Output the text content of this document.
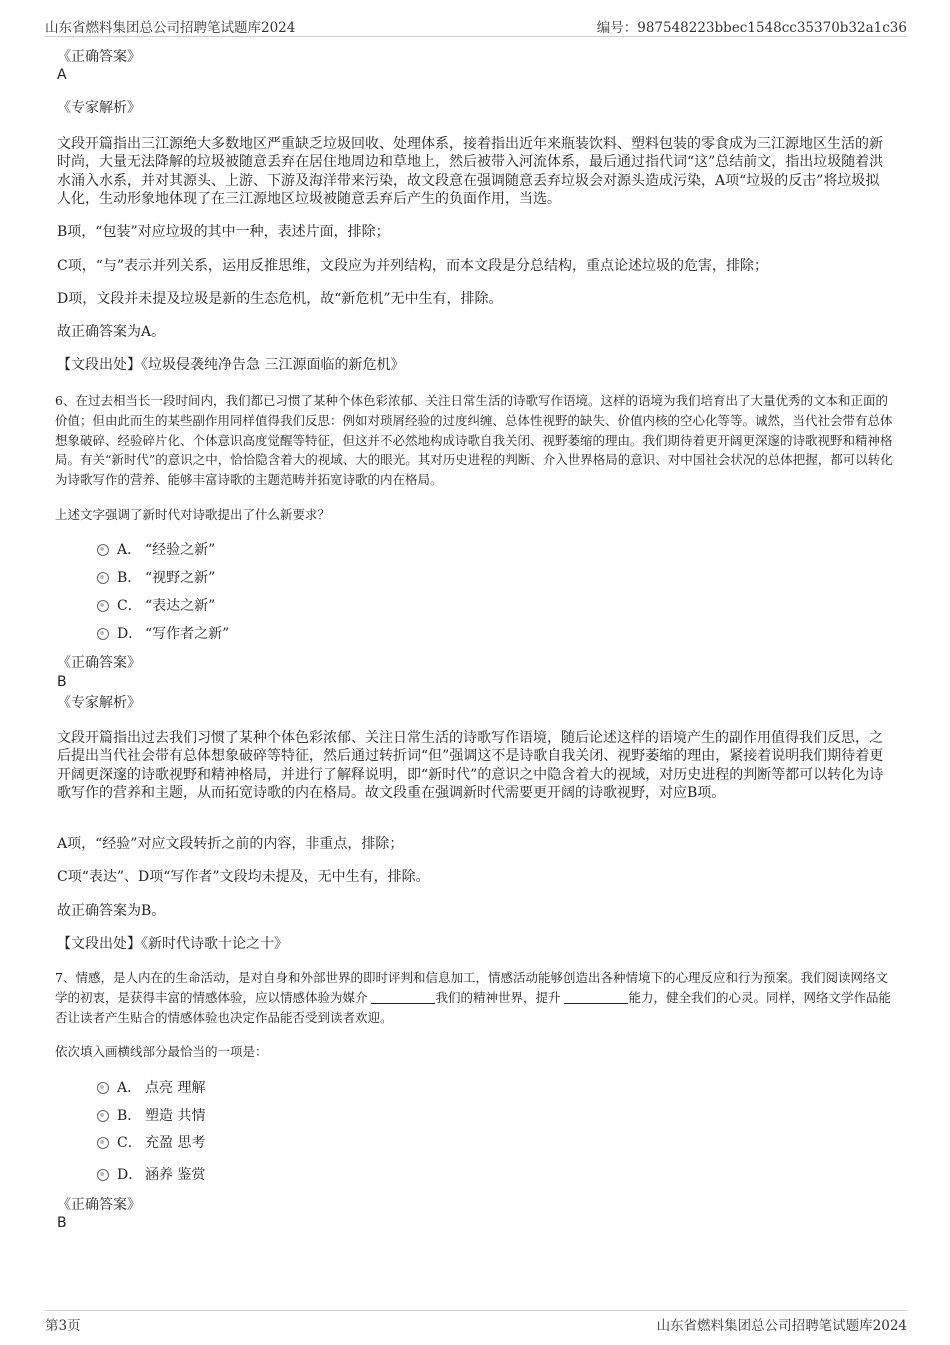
山东省燃料集团总公司招聘笔试题库2024	编号：987548223bbec1548cc35370b32a1c36
《正确答案》
A
《专家解析》
文段开篇指出三江源绝大多数地区严重缺乏垃圾回收、处理体系，接着指出近年来瓶装饮料、塑料包装的零食成为三江源地区生活的新时尚，大量无法降解的垃圾被随意丢弃在居住地周边和草地上，然后被带入河流体系，最后通过指代词“这”总结前文，指出垃圾随着洪水涌入水系，并对其源头、上游、下游及海洋带来污染，故文段意在强调随意丢弃垃圾会对源头造成污染，A项“垃圾的反击”将垃圾拟人化，生动形象地体现了在三江源地区垃圾被随意丢弃后产生的负面作用，当选。
B项，“包装”对应垃圾的其中一种，表述片面，排除；
C项，“与”表示并列关系，运用反推思维，文段应为并列结构，而本文段是分总结构，重点论述垃圾的危害，排除；
D项，文段并未提及垃圾是新的生态危机，故“新危机”无中生有，排除。
故正确答案为A。
【文段出处】《垃圾侵袭纯净告急 三江源面临的新危机》
6、在过去相当长一段时间内，我们都已习惯了某种个体色彩浓郁、关注日常生活的诗歌写作语境。这样的语境为我们培育出了大量优秀的文本和正面的价值；但由此而生的某些副作用同样值得我们反思：例如对琐屑经验的过度纠缠、总体性视野的缺失、价值内核的空心化等等。诚然，当代社会带有总体想象破碎、经验碎片化、个体意识高度觉醒等特征，但这并不必然地构成诗歌自我关闭、视野萎缩的理由。我们期待着更开阔更深邃的诗歌视野和精神格局。有关“新时代”的意识之中，恰恰隐含着大的视域、大的眼光。其对历史进程的判断、介入世界格局的意识、对中国社会状况的总体把握，都可以转化为诗歌写作的营养、能够丰富诗歌的主题范畴并拓宽诗歌的内在格局。
上述文字强调了新时代对诗歌提出了什么新要求？
A． “经验之新”
B． “视野之新”
C． “表达之新”
D． “写作者之新”
《正确答案》
B
《专家解析》
文段开篇指出过去我们习惯了某种个体色彩浓郁、关注日常生活的诗歌写作语境，随后论述这样的语境产生的副作用值得我们反思，之后提出当代社会带有总体想象破碎等特征，然后通过转折词“但”强调这不是诗歌自我关闭、视野萎缩的理由，紧接着说明我们期待着更开阔更深邃的诗歌视野和精神格局，并进行了解释说明，即“新时代”的意识之中隐含着大的视域，对历史进程的判断等都可以转化为诗歌写作的营养和主题，从而拓宽诗歌的内在格局。故文段重在强调新时代需要更开阔的诗歌视野，对应B项。
A项，“经验”对应文段转折之前的内容，非重点，排除；
C项“表达”、D项“写作者”文段均未提及，无中生有，排除。
故正确答案为B。
【文段出处】《新时代诗歌十论之十》
7、情感，是人内在的生命活动，是对自身和外部世界的即时评判和信息加工，情感活动能够创造出各种情境下的心理反应和行为预案。我们阅读网络文学的初衷，是获得丰富的情感体验，应以情感体验为媒介	我们的精神世界，提升	能力，健全我们的心灵。同样，网络文学作品能否让读者产生贴合的情感体验也决定作品能否受到读者欢迎。
依次填入画横线部分最恰当的一项是：
A． 点亮 理解
B． 塑造 共情
C． 充盈 思考
D． 涵养 鉴赏
《正确答案》
B
第3页	山东省燃料集团总公司招聘笔试题库2024
